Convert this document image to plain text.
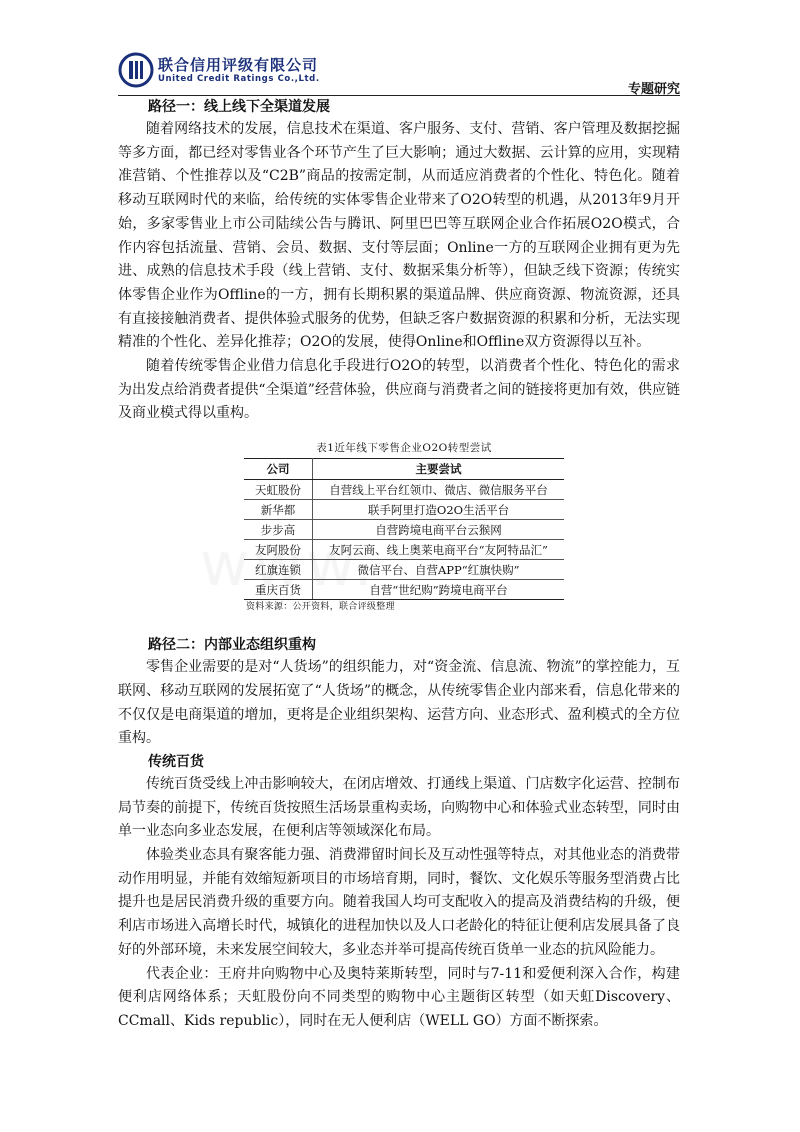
联合信用评级有限公司
United Credit Ratings Co.,Ltd.
专题研究
路径一：线上线下全渠道发展

随着网络技术的发展，信息技术在渠道、客户服务、支付、营销、客户管理及数据挖掘等多方面，都已经对零售业各个环节产生了巨大影响；通过大数据、云计算的应用，实现精准营销、个性推荐以及“C2B”商品的按需定制，从而适应消费者的个性化、特色化。随着移动互联网时代的来临，给传统的实体零售企业带来了O2O转型的机遇，从2013年9月开始，多家零售业上市公司陆续公告与腾讯、阿里巴巴等互联网企业合作拓展O2O模式，合作内容包括流量、营销、会员、数据、支付等层面；Online一方的互联网企业拥有更为先进、成熟的信息技术手段（线上营销、支付、数据采集分析等），但缺乏线下资源；传统实体零售企业作为Offline的一方，拥有长期积累的渠道品牌、供应商资源、物流资源，还具有直接接触消费者、提供体验式服务的优势，但缺乏客户数据资源的积累和分析，无法实现精准的个性化、差异化推荐；O2O的发展，使得Online和Offline双方资源得以互补。

随着传统零售企业借力信息化手段进行O2O的转型，以消费者个性化、特色化的需求为出发点给消费者提供“全渠道”经营体验，供应商与消费者之间的链接将更加有效，供应链及商业模式得以重构。

表1近年线下零售企业O2O转型尝试
公司	主要尝试
天虹股份	自营线上平台红领巾、微店、微信服务平台
新华都	联手阿里打造O2O生活平台
步步高	自营跨境电商平台云猴网
友阿股份	友阿云商、线上奥莱电商平台“友阿特品汇”
红旗连锁	微信平台、自营APP“红旗快购”
重庆百货	自营“世纪购”跨境电商平台
资料来源：公开资料，联合评级整理
路径二：内部业态组织重构

零售企业需要的是对“人货场”的组织能力，对“资金流、信息流、物流”的掌控能力，互联网、移动互联网的发展拓宽了“人货场”的概念，从传统零售企业内部来看，信息化带来的不仅仅是电商渠道的增加，更将是企业组织架构、运营方向、业态形式、盈利模式的全方位重构。

传统百货

传统百货受线上冲击影响较大，在闭店增效、打通线上渠道、门店数字化运营、控制布局节奏的前提下，传统百货按照生活场景重构卖场，向购物中心和体验式业态转型，同时由单一业态向多业态发展，在便利店等领域深化布局。

体验类业态具有聚客能力强、消费滞留时间长及互动性强等特点，对其他业态的消费带动作用明显，并能有效缩短新项目的市场培育期，同时，餐饮、文化娱乐等服务型消费占比提升也是居民消费升级的重要方向。随着我国人均可支配收入的提高及消费结构的升级，便利店市场进入高增长时代，城镇化的进程加快以及人口老龄化的特征让便利店发展具备了良好的外部环境，未来发展空间较大，多业态并举可提高传统百货单一业态的抗风险能力。

代表企业：王府井向购物中心及奥特莱斯转型，同时与7-11和爱便利深入合作，构建便利店网络体系；天虹股份向不同类型的购物中心主题街区转型（如天虹Discovery、CCmall、Kids republic），同时在无人便利店（WELL GO）方面不断探索。
